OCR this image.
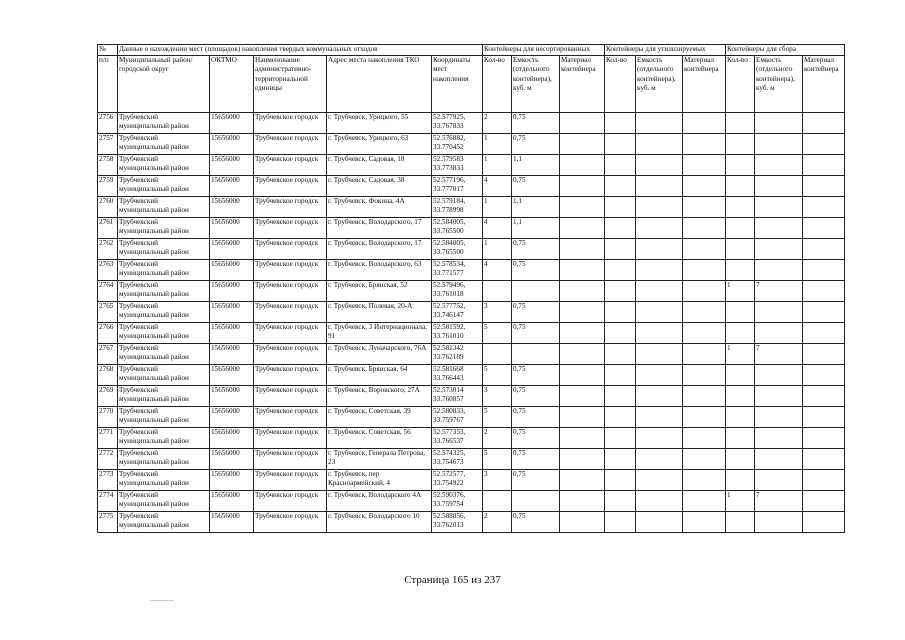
№	Данные о нахождении мест (площадок) накопления твердых коммунальных отходов					Контейнеры для несортированных			Контейнеры для утилизируемых			Контейнеры для сбора		
п/п	Муниципальный район/городской округ	ОКТМО	Наименование административно-территориальной единицы	Адрес места накопления ТКО	Координаты мест накопления	Кол-во	Емкость (отдельного контейнера), куб. м	Материал контейнера	Кол-во	Емкость (отдельного контейнера), куб. м	Материал контейнера	Кол-во	Емкость (отдельного контейнера), куб. м	Материал контейнера
2756	Трубчевский муниципальный район	15656000	Трубчевское городск	г. Трубчевск, Урицкого, 55	52.577925, 33.767833	2	0,75							
2757	Трубчевский муниципальный район	15656000	Трубчевское городск	г. Трубчевск, Урицкого, 63	52.576882, 33.770452	1	0,75							
2758	Трубчевский муниципальный район	15656000	Трубчевское городск	г. Трубчевск, Садовая, 18	52.579583 33.773833	1	1,1							
2759	Трубчевский муниципальный район	15656000	Трубчевское городск	г. Трубчевск, Садовая, 38	52.577196, 33.777017	4	0,75							
2760	Трубчевский муниципальный район	15656000	Трубчевское городск	г. Трубчевск, Фокина, 4А	52.579184, 33.778998	1	1,1							
2761	Трубчевский муниципальный район	15656000	Трубчевское городск	г. Трубчевск, Володарского, 17	52.584005, 33.765500	4	1,1							
2762	Трубчевский муниципальный район	15656000	Трубчевское городск	г. Трубчевск, Володарского, 17	52.584005, 33.765500	1	0,75							
2763	Трубчевский муниципальный район	15656000	Трубчевское городск	г. Трубчевск, Володарского, 63	52.578534, 33.771577	4	0,75							
2764	Трубчевский муниципальный район	15656000	Трубчевское городск	г. Трубчевск, Брянская, 52	52.579496, 33.761018							1	7	
2765	Трубчевский муниципальный район	15656000	Трубчевское городск	г. Трубчевск, Полевая, 20-А	52.577752, 33.746147	3	0,75							
2766	Трубчевский муниципальный район	15656000	Трубчевское городск	г. Трубчевск, 3 Интернационала, 91	52.581592, 33.761010	5	0,75							
2767	Трубчевский муниципальный район	15656000	Трубчевское городск	г. Трубчевск, Луначарского, 76А	52.581342 33.762189							1	7	
2768	Трубчевский муниципальный район	15656000	Трубчевское городск	г. Трубчевск, Брянская, 64	52.581668 33.766443	5	0,75							
2769	Трубчевский муниципальный район	15656000	Трубчевское городск	г. Трубчевск, Воровского, 27А	52.573014 33.760857	3	0,75							
2770	Трубчевский муниципальный район	15656000	Трубчевское городск	г. Трубчевск, Советская, 39	52.580833, 33.759767	5	0,75							
2771	Трубчевский муниципальный район	15656000	Трубчевское городск	г. Трубчевск, Советская, 56	52.577353, 33.766537	2	0,75							
2772	Трубчевский муниципальный район	15656000	Трубчевское городск	г. Трубчевск, Генерала Петрова, 23	52.574325, 33.754673	5	0,75							
2773	Трубчевский муниципальный район	15656000	Трубчевское городск	г. Трубчевск, пер Красноармейский, 4	52.572577, 33.754922	3	0,75							
2774	Трубчевский муниципальный район	15656000	Трубчевское городск	г. Трубчевск, Володарского 4А	52.590376, 33.759754							1	7	
2775	Трубчевский муниципальный район	15656000	Трубчевское городск	г. Трубчевск, Володарского 10	52.588856, 33.762013	2	0,75							
Страница 165 из 237
